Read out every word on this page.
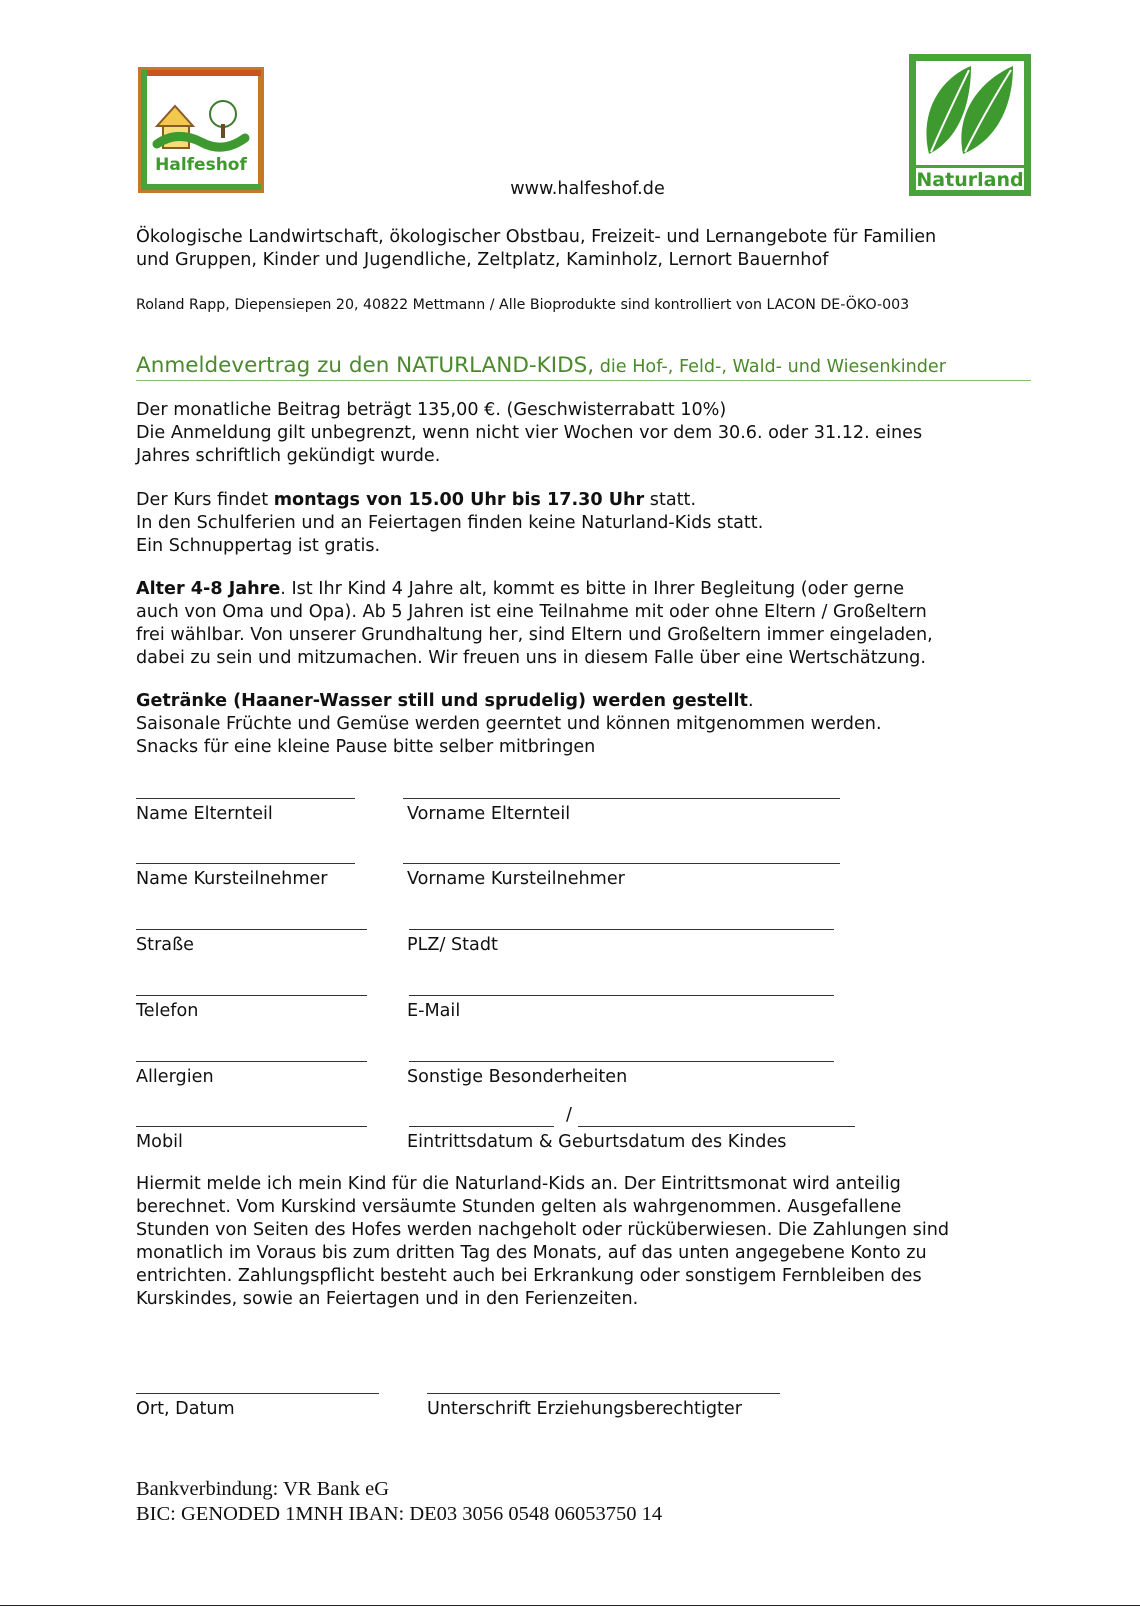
Halfeshof
Naturland
www.halfeshof.de
Ökologische Landwirtschaft, ökologischer Obstbau, Freizeit- und Lernangebote für Familien
und Gruppen, Kinder und Jugendliche, Zeltplatz, Kaminholz, Lernort Bauernhof
Roland Rapp, Diepensiepen 20, 40822 Mettmann / Alle Bioprodukte sind kontrolliert von LACON DE-ÖKO-003
Anmeldevertrag zu den NATURLAND-KIDS, die Hof-, Feld-, Wald- und Wiesenkinder
Der monatliche Beitrag beträgt 135,00 €. (Geschwisterrabatt 10%)
Die Anmeldung gilt unbegrenzt, wenn nicht vier Wochen vor dem 30.6. oder 31.12. eines
Jahres schriftlich gekündigt wurde.
Der Kurs findet montags von 15.00 Uhr bis 17.30 Uhr statt.
In den Schulferien und an Feiertagen finden keine Naturland-Kids statt.
Ein Schnuppertag ist gratis.
Alter 4-8 Jahre. Ist Ihr Kind 4 Jahre alt, kommt es bitte in Ihrer Begleitung (oder gerne
auch von Oma und Opa). Ab 5 Jahren ist eine Teilnahme mit oder ohne Eltern / Großeltern
frei wählbar. Von unserer Grundhaltung her, sind Eltern und Großeltern immer eingeladen,
dabei zu sein und mitzumachen. Wir freuen uns in diesem Falle über eine Wertschätzung.
Getränke (Haaner-Wasser still und sprudelig) werden gestellt.
Saisonale Früchte und Gemüse werden geerntet und können mitgenommen werden.
Snacks für eine kleine Pause bitte selber mitbringen
Name Elternteil	Vorname Elternteil
Name Kursteilnehmer	Vorname Kursteilnehmer
Straße	PLZ/ Stadt
Telefon	E-Mail
Allergien	Sonstige Besonderheiten
/
Mobil	Eintrittsdatum & Geburtsdatum des Kindes
Hiermit melde ich mein Kind für die Naturland-Kids an. Der Eintrittsmonat wird anteilig
berechnet. Vom Kurskind versäumte Stunden gelten als wahrgenommen. Ausgefallene
Stunden von Seiten des Hofes werden nachgeholt oder rücküberwiesen. Die Zahlungen sind
monatlich im Voraus bis zum dritten Tag des Monats, auf das unten angegebene Konto zu
entrichten. Zahlungspflicht besteht auch bei Erkrankung oder sonstigem Fernbleiben des
Kurskindes, sowie an Feiertagen und in den Ferienzeiten.
Ort, Datum	Unterschrift Erziehungsberechtigter
Bankverbindung: VR Bank eG
BIC: GENODED 1MNH IBAN: DE03 3056 0548 06053750 14
